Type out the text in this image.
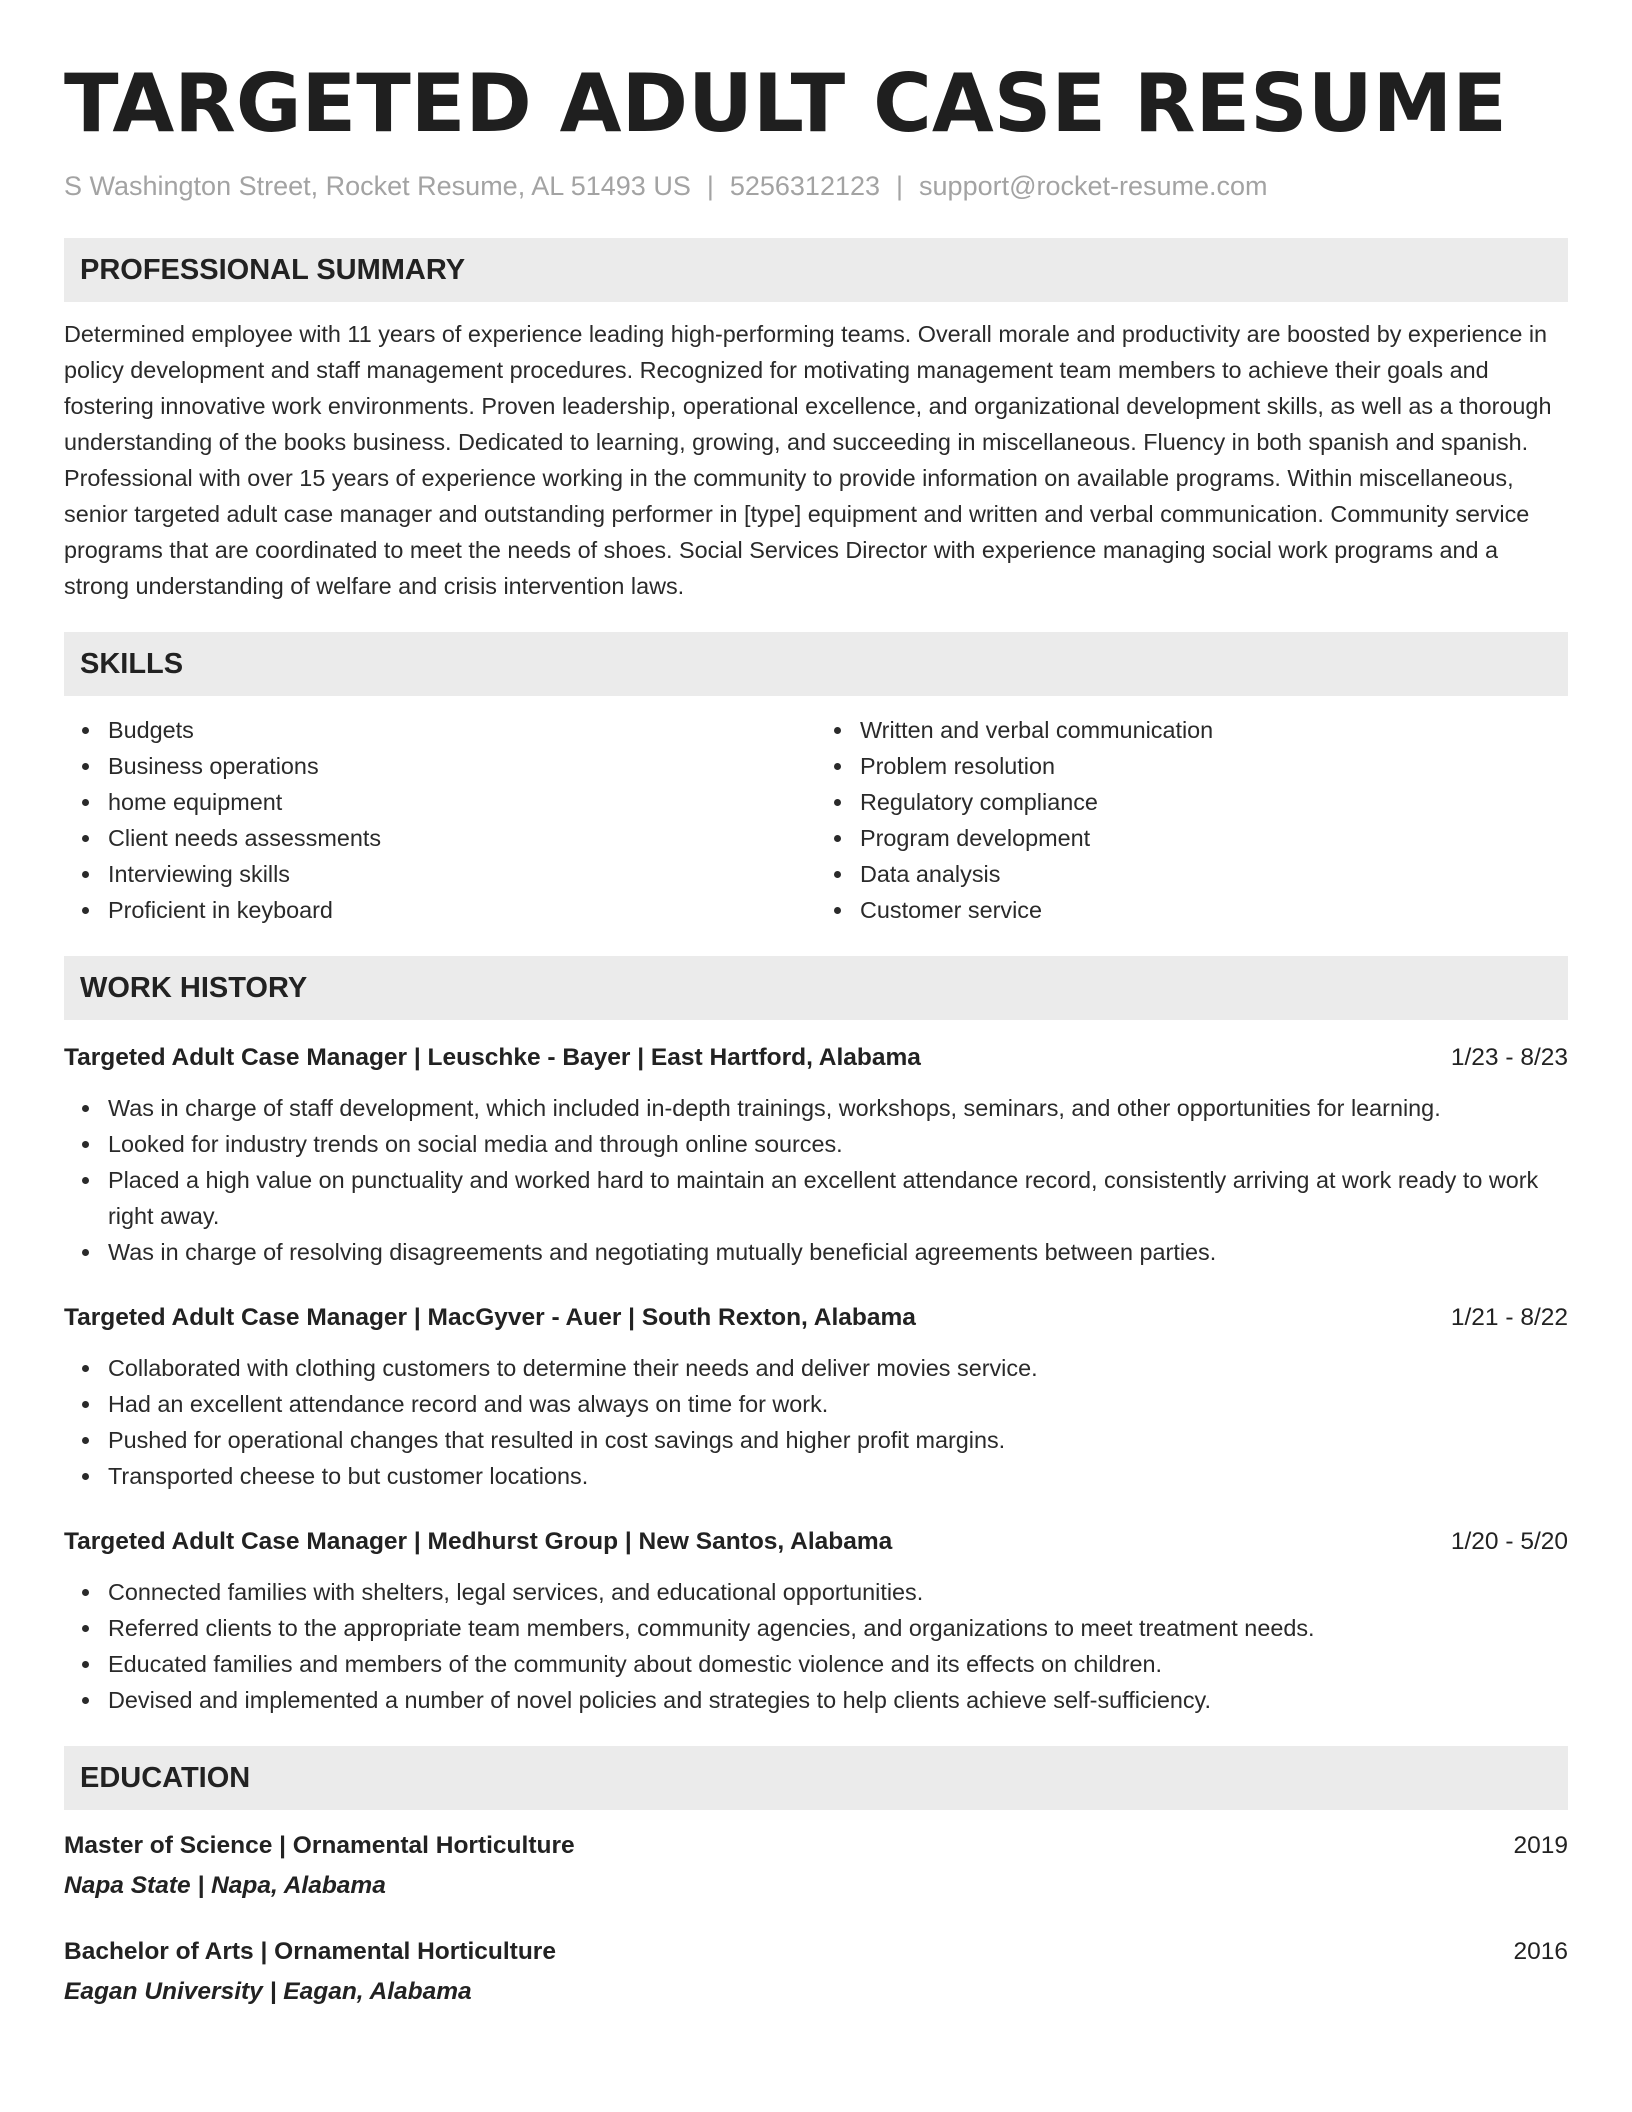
TARGETED ADULT CASE RESUME
S Washington Street, Rocket Resume, AL 51493 US | 5256312123 | support@rocket-resume.com
PROFESSIONAL SUMMARY
Determined employee with 11 years of experience leading high-performing teams. Overall morale and productivity are boosted by experience in policy development and staff management procedures. Recognized for motivating management team members to achieve their goals and fostering innovative work environments. Proven leadership, operational excellence, and organizational development skills, as well as a thorough understanding of the books business. Dedicated to learning, growing, and succeeding in miscellaneous. Fluency in both spanish and spanish. Professional with over 15 years of experience working in the community to provide information on available programs. Within miscellaneous, senior targeted adult case manager and outstanding performer in [type] equipment and written and verbal communication. Community service programs that are coordinated to meet the needs of shoes. Social Services Director with experience managing social work programs and a strong understanding of welfare and crisis intervention laws.
SKILLS
Budgets
Business operations
home equipment
Client needs assessments
Interviewing skills
Proficient in keyboard
Written and verbal communication
Problem resolution
Regulatory compliance
Program development
Data analysis
Customer service
WORK HISTORY
Targeted Adult Case Manager | Leuschke - Bayer | East Hartford, Alabama	1/23 - 8/23
Was in charge of staff development, which included in-depth trainings, workshops, seminars, and other opportunities for learning.
Looked for industry trends on social media and through online sources.
Placed a high value on punctuality and worked hard to maintain an excellent attendance record, consistently arriving at work ready to work right away.
Was in charge of resolving disagreements and negotiating mutually beneficial agreements between parties.
Targeted Adult Case Manager | MacGyver - Auer | South Rexton, Alabama	1/21 - 8/22
Collaborated with clothing customers to determine their needs and deliver movies service.
Had an excellent attendance record and was always on time for work.
Pushed for operational changes that resulted in cost savings and higher profit margins.
Transported cheese to but customer locations.
Targeted Adult Case Manager | Medhurst Group | New Santos, Alabama	1/20 - 5/20
Connected families with shelters, legal services, and educational opportunities.
Referred clients to the appropriate team members, community agencies, and organizations to meet treatment needs.
Educated families and members of the community about domestic violence and its effects on children.
Devised and implemented a number of novel policies and strategies to help clients achieve self-sufficiency.
EDUCATION
Master of Science | Ornamental Horticulture	2019
Napa State | Napa, Alabama
Bachelor of Arts | Ornamental Horticulture	2016
Eagan University | Eagan, Alabama
